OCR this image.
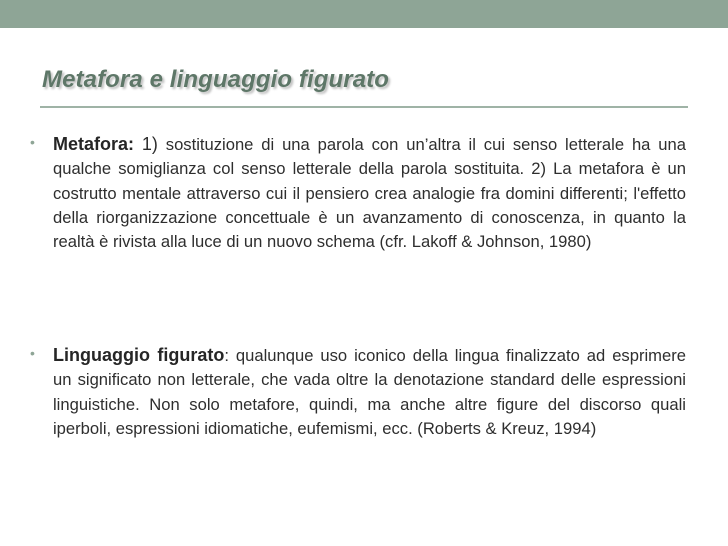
Metafora e linguaggio figurato
• Metafora: 1) sostituzione di una parola con un’altra il cui senso letterale ha una qualche somiglianza col senso letterale della parola sostituita. 2) La metafora è un costrutto mentale attraverso cui il pensiero crea analogie fra domini differenti; l'effetto della riorganizzazione concettuale è un avanzamento di conoscenza, in quanto la realtà è rivista alla luce di un nuovo schema (cfr. Lakoff & Johnson, 1980)
• Linguaggio figurato: qualunque uso iconico della lingua finalizzato ad esprimere un significato non letterale, che vada oltre la denotazione standard delle espressioni linguistiche. Non solo metafore, quindi, ma anche altre figure del discorso quali iperboli, espressioni idiomatiche, eufemismi, ecc. (Roberts & Kreuz, 1994)
